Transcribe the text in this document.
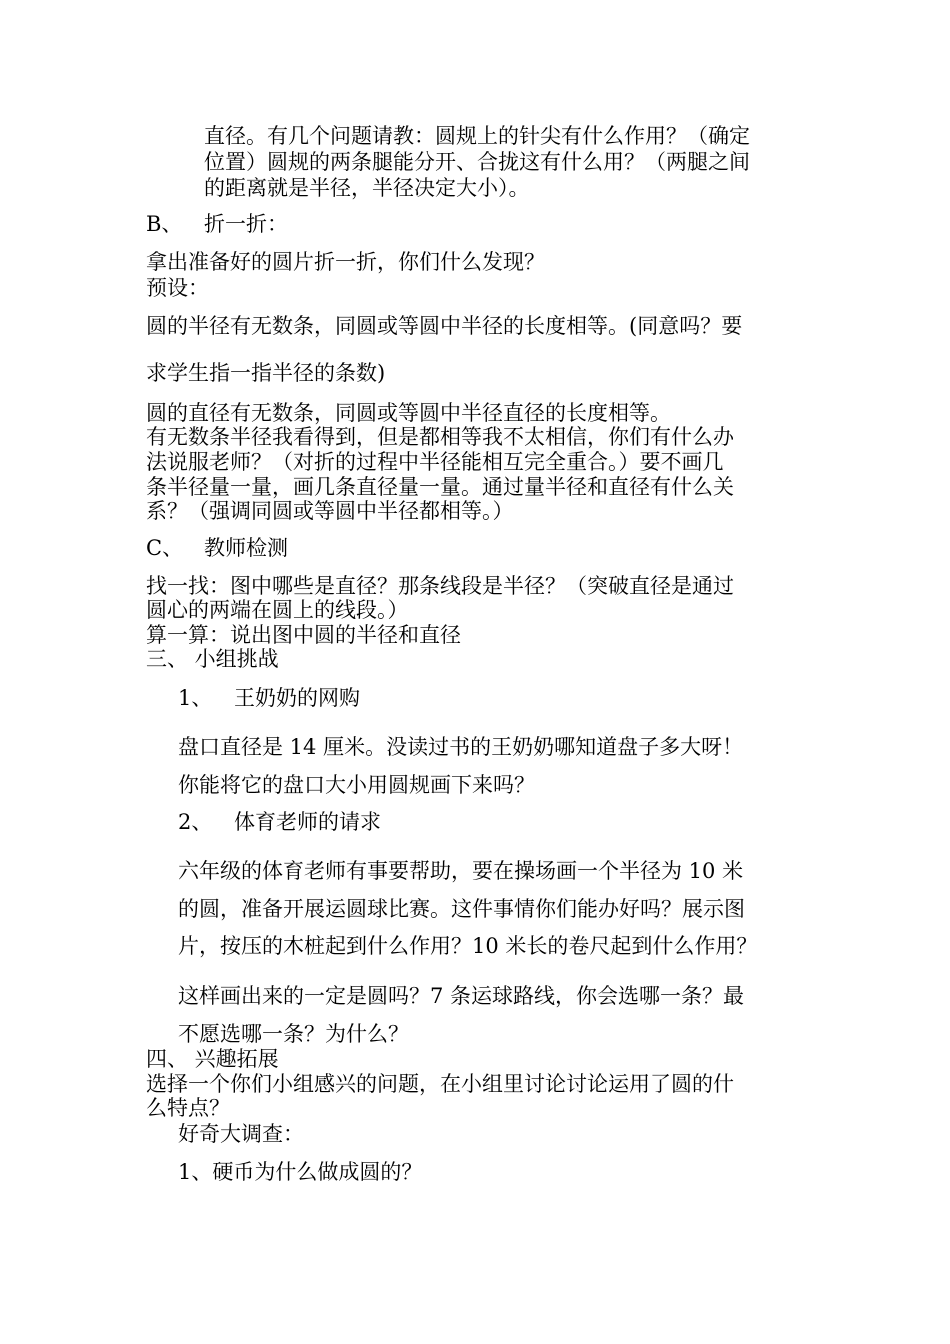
直径。有几个问题请教：圆规上的针尖有什么作用？（确定

位置）圆规的两条腿能分开、合拢这有什么用？（两腿之间

的距离就是半径，半径决定大小）。

B、 折一折：

拿出准备好的圆片折一折，你们什么发现？

预设：

圆的半径有无数条，同圆或等圆中半径的长度相等。(同意吗？要

求学生指一指半径的条数)

圆的直径有无数条，同圆或等圆中半径直径的长度相等。

有无数条半径我看得到，但是都相等我不太相信，你们有什么办

法说服老师？（对折的过程中半径能相互完全重合。）要不画几

条半径量一量，画几条直径量一量。通过量半径和直径有什么关

系？（强调同圆或等圆中半径都相等。）

C、 教师检测

找一找：图中哪些是直径？那条线段是半径？（突破直径是通过

圆心的两端在圆上的线段。）

算一算：说出图中圆的半径和直径

三、 小组挑战

1、 王奶奶的网购

盘口直径是 14 厘米。没读过书的王奶奶哪知道盘子多大呀！

你能将它的盘口大小用圆规画下来吗？

2、 体育老师的请求

六年级的体育老师有事要帮助，要在操场画一个半径为 10 米

的圆，准备开展运圆球比赛。这件事情你们能办好吗？展示图

片，按压的木桩起到什么作用？10 米长的卷尺起到什么作用？

这样画出来的一定是圆吗？7 条运球路线，你会选哪一条？最

不愿选哪一条？为什么？

四、 兴趣拓展

选择一个你们小组感兴的问题，在小组里讨论讨论运用了圆的什

么特点？

好奇大调查：

1、硬币为什么做成圆的？
